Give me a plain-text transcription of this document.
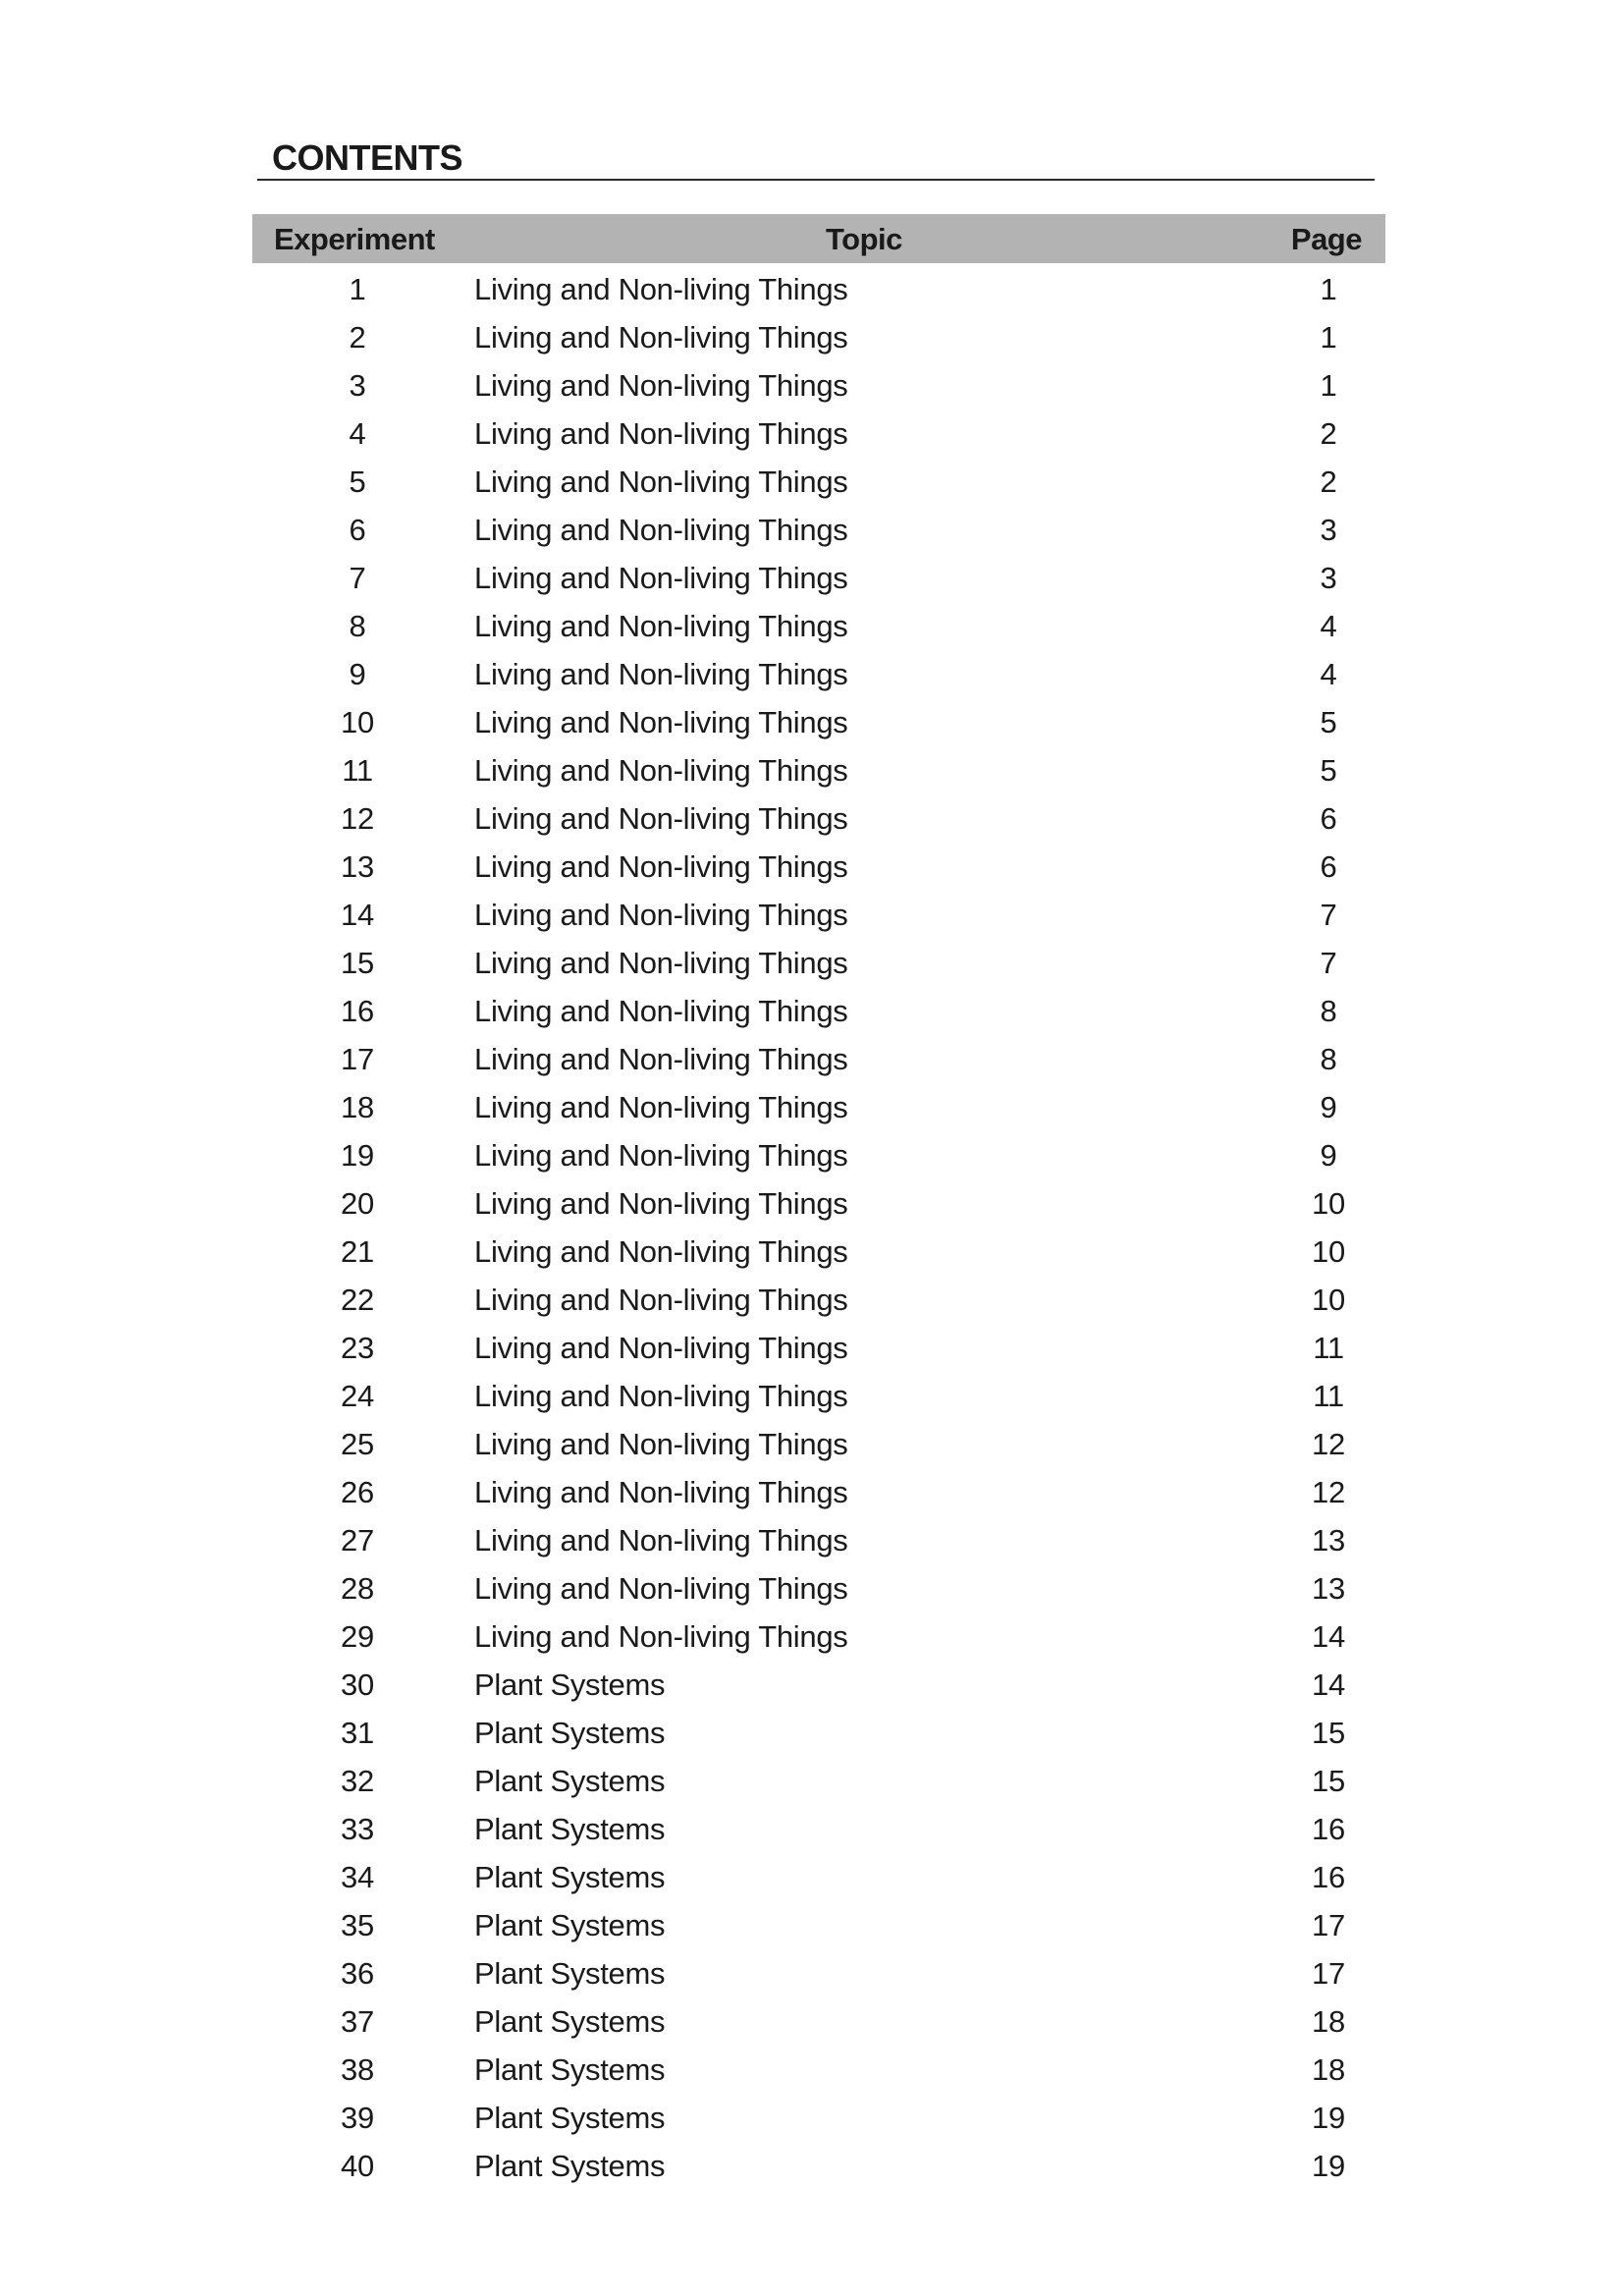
CONTENTS
Experiment	Topic	Page
1	Living and Non-living Things	1
2	Living and Non-living Things	1
3	Living and Non-living Things	1
4	Living and Non-living Things	2
5	Living and Non-living Things	2
6	Living and Non-living Things	3
7	Living and Non-living Things	3
8	Living and Non-living Things	4
9	Living and Non-living Things	4
10	Living and Non-living Things	5
11	Living and Non-living Things	5
12	Living and Non-living Things	6
13	Living and Non-living Things	6
14	Living and Non-living Things	7
15	Living and Non-living Things	7
16	Living and Non-living Things	8
17	Living and Non-living Things	8
18	Living and Non-living Things	9
19	Living and Non-living Things	9
20	Living and Non-living Things	10
21	Living and Non-living Things	10
22	Living and Non-living Things	10
23	Living and Non-living Things	11
24	Living and Non-living Things	11
25	Living and Non-living Things	12
26	Living and Non-living Things	12
27	Living and Non-living Things	13
28	Living and Non-living Things	13
29	Living and Non-living Things	14
30	Plant Systems	14
31	Plant Systems	15
32	Plant Systems	15
33	Plant Systems	16
34	Plant Systems	16
35	Plant Systems	17
36	Plant Systems	17
37	Plant Systems	18
38	Plant Systems	18
39	Plant Systems	19
40	Plant Systems	19
